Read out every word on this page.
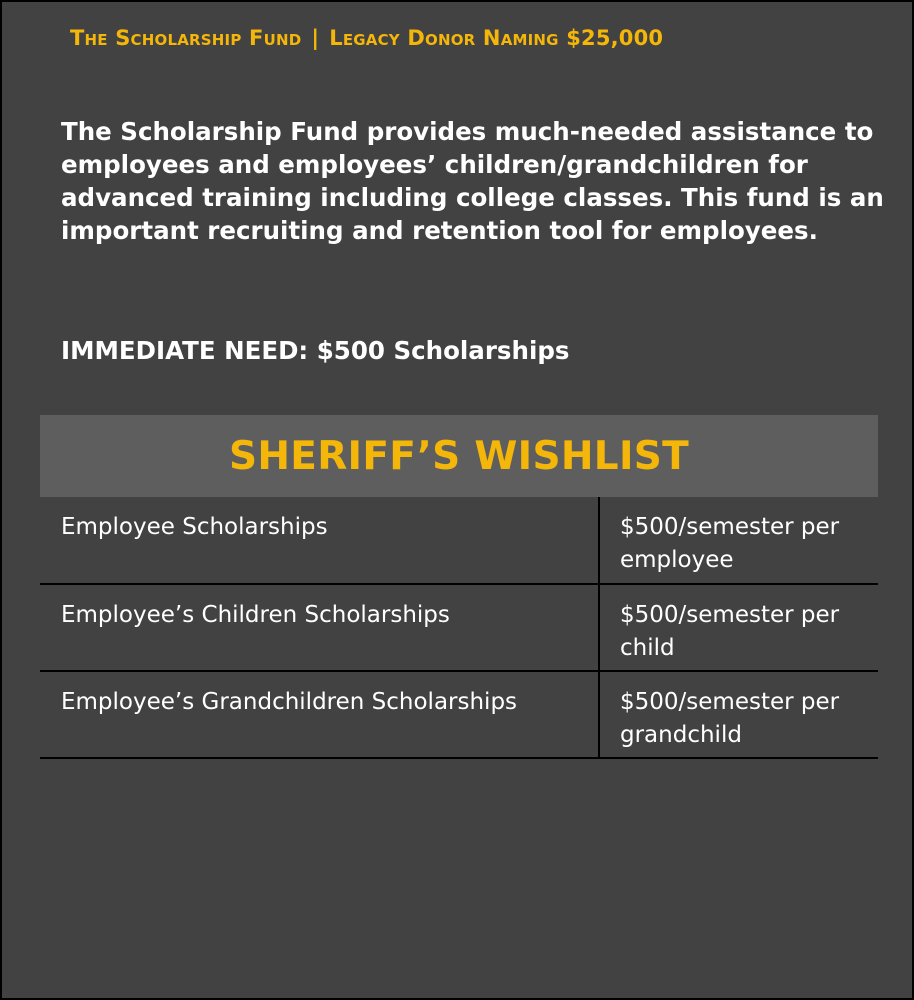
The Scholarship Fund | Legacy Donor Naming $25,000

The Scholarship Fund provides much-needed assistance to employees and employees’ children/grandchildren for advanced training including college classes. This fund is an important recruiting and retention tool for employees.

IMMEDIATE NEED: $500 Scholarships
SHERIFF’S WISHLIST
Employee Scholarships	$500/semester per
employee
Employee’s Children Scholarships	$500/semester per
child
Employee’s Grandchildren Scholarships	$500/semester per
grandchild
